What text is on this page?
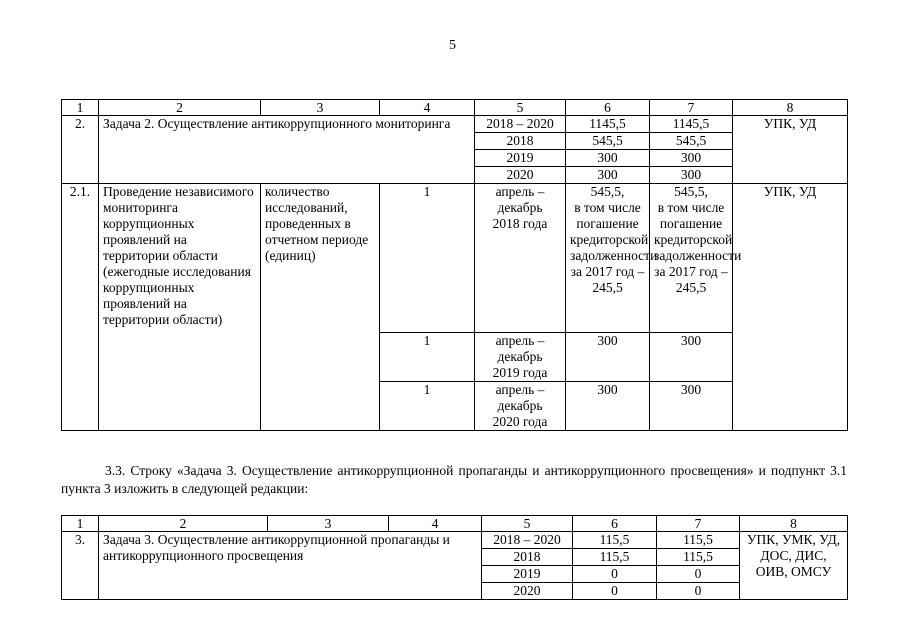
5
1	2	3	4	5	6	7	8
2.	Задача 2. Осуществление антикоррупционного мониторинга			2018 – 2020	1145,5	1145,5	УПК, УД
				2018	545,5	545,5	
				2019	300	300	
				2020	300	300	
2.1.	Проведение независимого мониторинга коррупционных проявлений на территории области (ежегодные исследования коррупционных проявлений на территории области)	количество исследований, проведенных в отчетном периоде (единиц)	1	апрель –
декабрь
2018 года	545,5,
в том числе погашение кредиторской задолженности за 2017 год – 245,5	545,5,
в том числе погашение кредиторской задолженности за 2017 год – 245,5	УПК, УД
			1	апрель –
декабрь
2019 года	300	300	
			1	апрель –
декабрь
2020 года	300	300	
3.3. Строку «Задача 3. Осуществление антикоррупционной пропаганды и антикоррупционного просвещения» и подпункт 3.1 пункта 3 изложить в следующей редакции:
1	2	3	4	5	6	7	8
3.	Задача 3. Осуществление антикоррупционной пропаганды и антикоррупционного просвещения			2018 – 2020	115,5	115,5	УПК, УМК, УД, ДОС, ДИС, ОИВ, ОМСУ
				2018	115,5	115,5	
				2019	0	0	
				2020	0	0	
